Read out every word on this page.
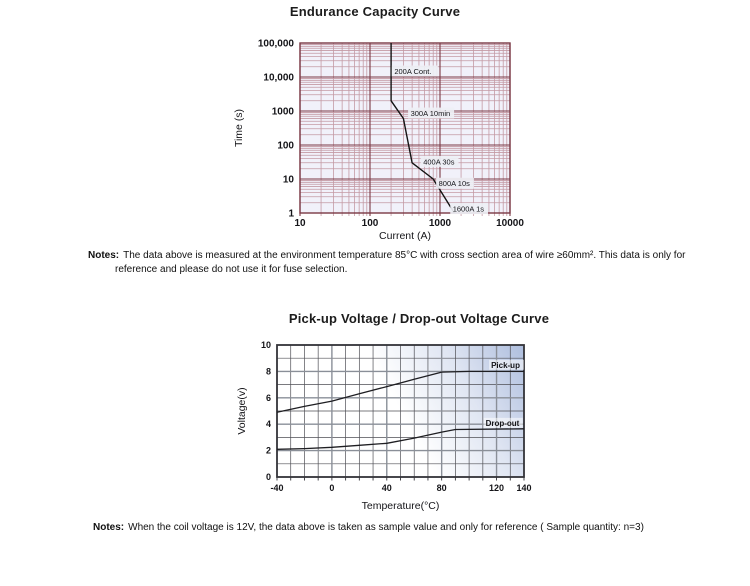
Endurance Capacity Curve
1
10
100
1000
10,000
100,000
10	100	1000	10000
200A Cont.
300A 10min
400A 30s
800A 10s
1600A 1s
Current (A)
Time (s)
Notes: The data above is measured at the environment temperature 85°C with cross section area of wire ≥60mm². This data is only for
reference and please do not use it for fuse selection.
Pick-up Voltage / Drop-out Voltage Curve
Pick-up
Drop-out
0
2
4
6
8
10
-40	0	40	80	120 140
Temperature(°C)
Voltage(v)
Notes: When the coil voltage is 12V, the data above is taken as sample value and only for reference ( Sample quantity: n=3)
